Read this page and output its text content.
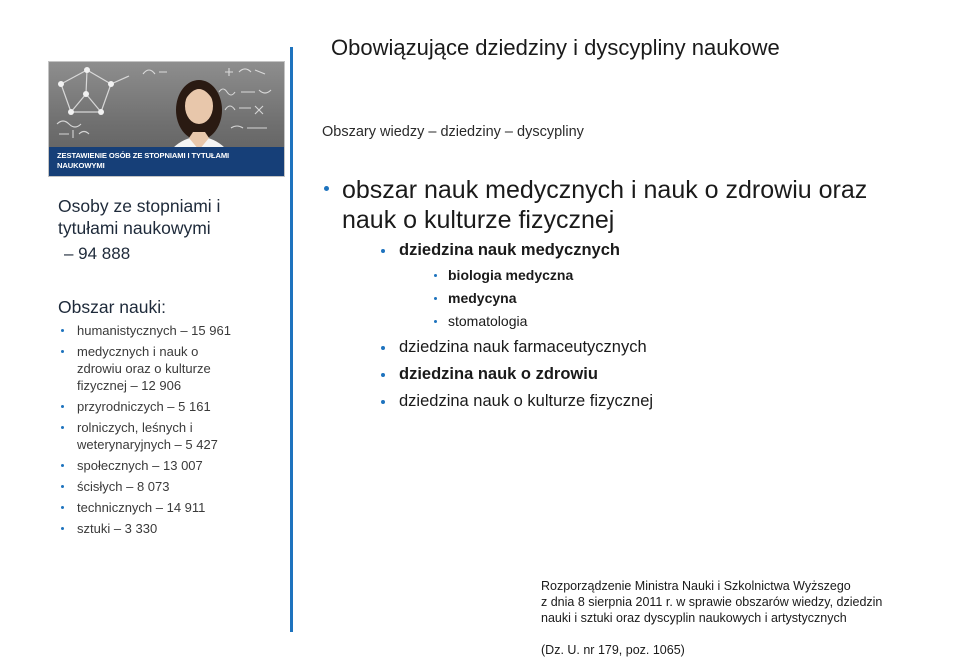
ZESTAWIENIE OSÓB ZE STOPNIAMI I TYTUŁAMI
NAUKOWYMI
Osoby ze stopniami i
tytułami naukowymi
– 94 888
Obszar nauki:
humanistycznych – 15 961
medycznych i nauk o
zdrowiu oraz o kulturze
fizycznej – 12 906
przyrodniczych – 5 161
rolniczych, leśnych i
weterynaryjnych – 5 427
społecznych – 13 007
ścisłych – 8 073
technicznych – 14 911
sztuki – 3 330
Obowiązujące dziedziny i dyscypliny naukowe
Obszary wiedzy – dziedziny – dyscypliny
obszar nauk medycznych i nauk o zdrowiu oraz
nauk o kulturze fizycznej
dziedzina nauk medycznych
biologia medyczna
medycyna
stomatologia
dziedzina nauk farmaceutycznych
dziedzina nauk o zdrowiu
dziedzina nauk o kulturze fizycznej
Rozporządzenie Ministra Nauki i Szkolnictwa Wyższego
z dnia 8 sierpnia 2011 r. w sprawie obszarów wiedzy, dziedzin
nauki i sztuki oraz dyscyplin naukowych i artystycznych
(Dz. U. nr 179, poz. 1065)
